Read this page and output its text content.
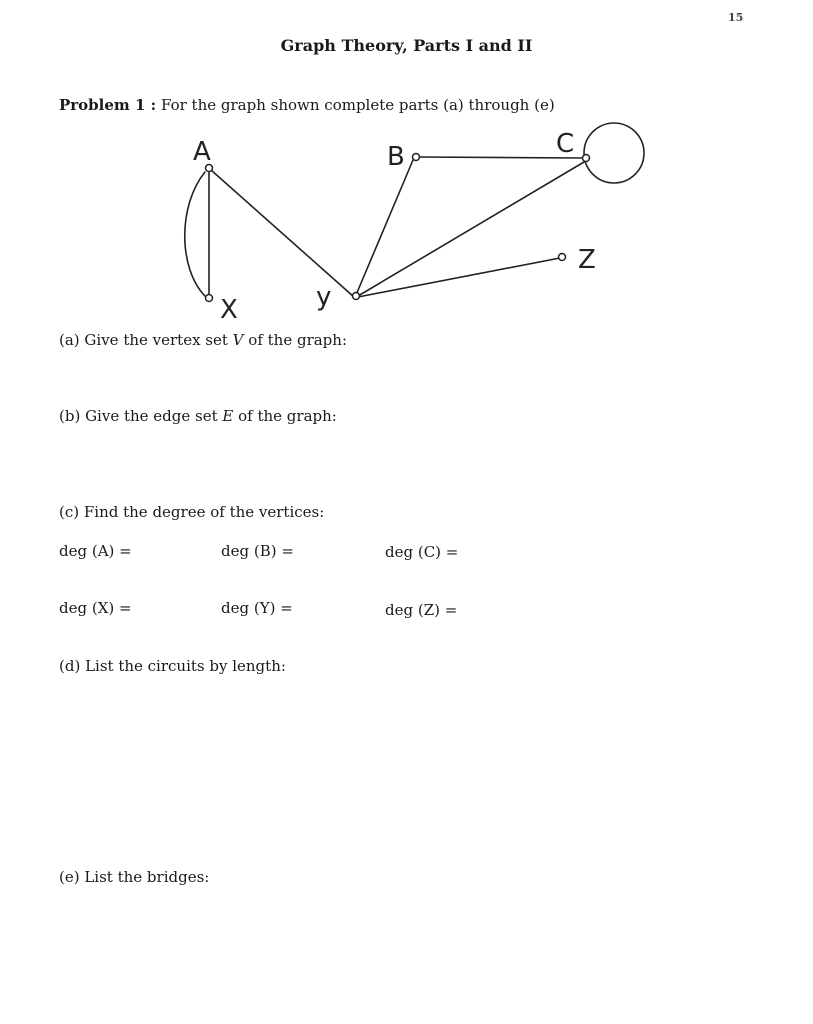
15
Graph Theory, Parts I and II
Problem 1 : For the graph shown complete parts (a) through (e)
A	B	C
X	y
Z
(a) Give the vertex set V of the graph:
(b) Give the edge set E of the graph:
(c) Find the degree of the vertices:
deg (A) =	deg (B) =	deg (C) =
deg (X) =	deg (Y) =	deg (Z) =
(d) List the circuits by length:
(e) List the bridges:
